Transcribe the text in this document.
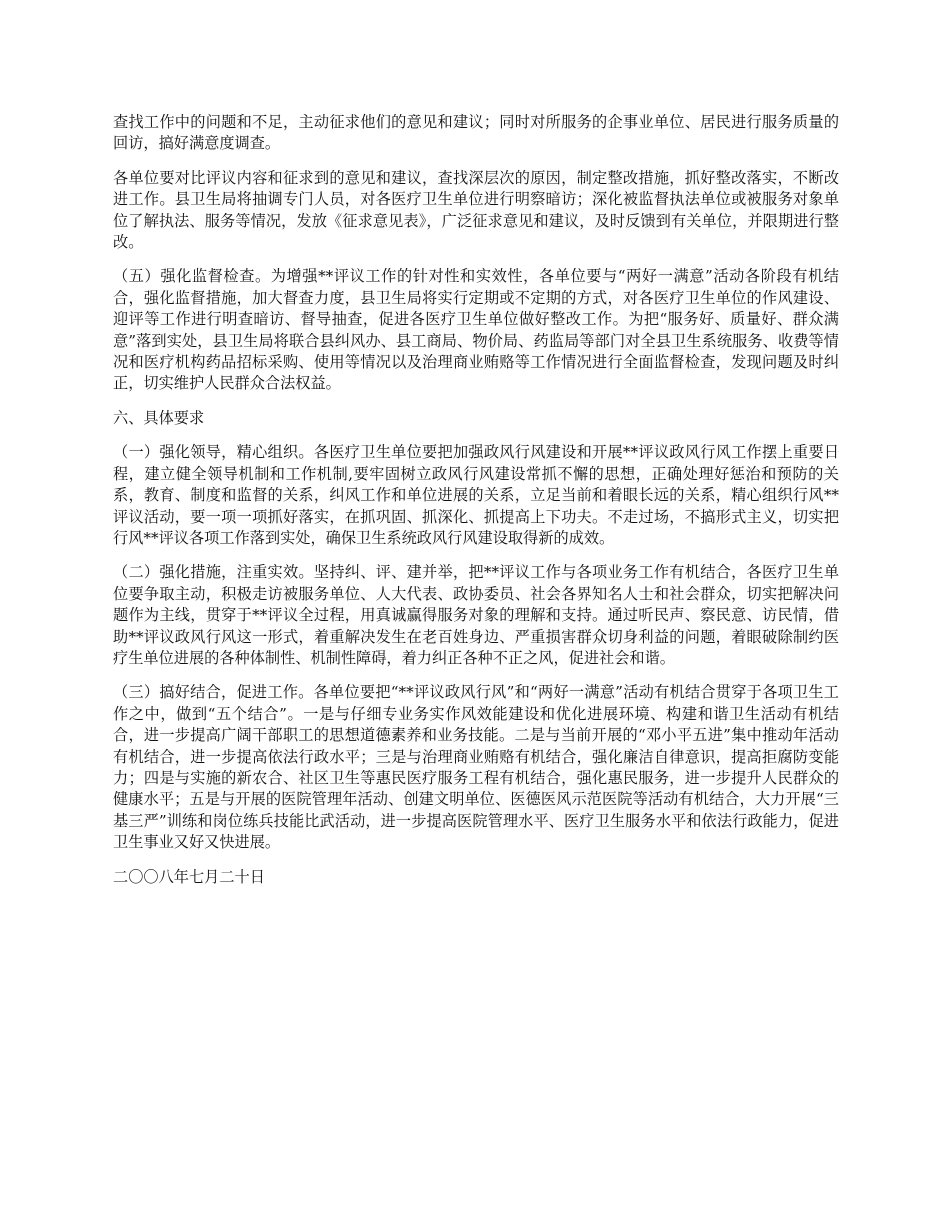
查找工作中的问题和不足，主动征求他们的意见和建议；同时对所服务的企事业单位、居民进行服务质量的回访，搞好满意度调查。

各单位要对比评议内容和征求到的意见和建议，查找深层次的原因，制定整改措施，抓好整改落实，不断改进工作。县卫生局将抽调专门人员，对各医疗卫生单位进行明察暗访；深化被监督执法单位或被服务对象单位了解执法、服务等情况，发放《征求意见表》，广泛征求意见和建议，及时反馈到有关单位，并限期进行整改。

（五）强化监督检查。为增强**评议工作的针对性和实效性，各单位要与“两好一满意”活动各阶段有机结合，强化监督措施，加大督查力度，县卫生局将实行定期或不定期的方式，对各医疗卫生单位的作风建设、迎评等工作进行明查暗访、督导抽查，促进各医疗卫生单位做好整改工作。为把“服务好、质量好、群众满意”落到实处，县卫生局将联合县纠风办、县工商局、物价局、药监局等部门对全县卫生系统服务、收费等情况和医疗机构药品招标采购、使用等情况以及治理商业贿赂等工作情况进行全面监督检查，发现问题及时纠正，切实维护人民群众合法权益。

六、具体要求

（一）强化领导，精心组织。各医疗卫生单位要把加强政风行风建设和开展**评议政风行风工作摆上重要日程，建立健全领导机制和工作机制,要牢固树立政风行风建设常抓不懈的思想，正确处理好惩治和预防的关系，教育、制度和监督的关系，纠风工作和单位进展的关系，立足当前和着眼长远的关系，精心组织行风**评议活动，要一项一项抓好落实，在抓巩固、抓深化、抓提高上下功夫。不走过场，不搞形式主义，切实把行风**评议各项工作落到实处，确保卫生系统政风行风建设取得新的成效。

（二）强化措施，注重实效。坚持纠、评、建并举，把**评议工作与各项业务工作有机结合，各医疗卫生单位要争取主动，积极走访被服务单位、人大代表、政协委员、社会各界知名人士和社会群众，切实把解决问题作为主线，贯穿于**评议全过程，用真诚赢得服务对象的理解和支持。通过听民声、察民意、访民情，借助**评议政风行风这一形式，着重解决发生在老百姓身边、严重损害群众切身利益的问题，着眼破除制约医疗生单位进展的各种体制性、机制性障碍，着力纠正各种不正之风，促进社会和谐。

（三）搞好结合，促进工作。各单位要把“**评议政风行风”和“两好一满意”活动有机结合贯穿于各项卫生工作之中，做到“五个结合”。一是与仔细专业务实作风效能建设和优化进展环境、构建和谐卫生活动有机结合，进一步提高广阔干部职工的思想道德素养和业务技能。二是与当前开展的“邓小平五进”集中推动年活动有机结合，进一步提高依法行政水平；三是与治理商业贿赂有机结合，强化廉洁自律意识，提高拒腐防变能力；四是与实施的新农合、社区卫生等惠民医疗服务工程有机结合，强化惠民服务，进一步提升人民群众的健康水平；五是与开展的医院管理年活动、创建文明单位、医德医风示范医院等活动有机结合，大力开展“三基三严”训练和岗位练兵技能比武活动，进一步提高医院管理水平、医疗卫生服务水平和依法行政能力，促进卫生事业又好又快进展。

二〇〇八年七月二十日
